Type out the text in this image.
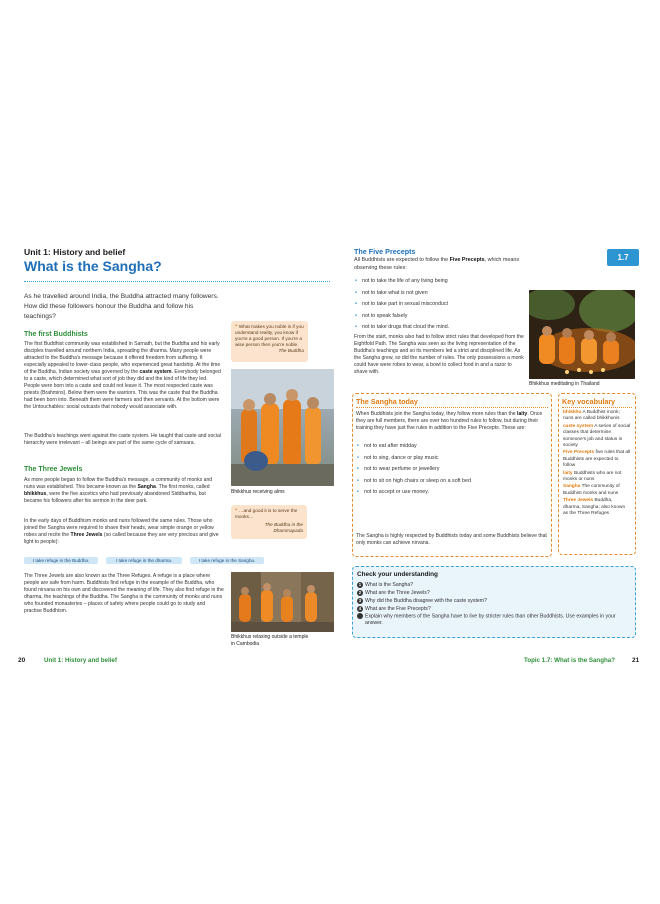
Unit 1: History and belief
What is the Sangha?
As he travelled around India, the Buddha attracted many followers. How did these followers honour the Buddha and follow his teachings?
The first Buddhists
The first Buddhist community was established in Sarnath, but the Buddha and his early disciples travelled around northern India, spreading the dharma. Many people were attracted to the Buddha's message because it offered freedom from suffering. It especially appealed to lower-class people, who experienced great hardship. At the time of the Buddha, Indian society was governed by the caste system. Everybody belonged to a caste, which determined what sort of job they did and the kind of life they led. People were born into a caste and could not leave it. The most respected caste was priests (Brahmins). Below them were the warriors. This was the caste that the Buddha had been born into. Beneath them were farmers and then servants. At the bottom were the Untouchables: social outcasts that nobody would associate with.
The Buddha's teachings went against the caste system. He taught that caste and social hierarchy were irrelevant – all beings are part of the same cycle of samsara.
The Three Jewels
As more people began to follow the Buddha's message, a community of monks and nuns was established. This became known as the Sangha. The first monks, called bhikkhus, were the five ascetics who had previously abandoned Siddhartha, but became his followers after his sermon in the deer park.
In the early days of Buddhism monks and nuns followed the same rules. Those who joined the Sangha were required to shave their heads, wear simple orange or yellow robes and recite the Three Jewels (so called because they are very precious and give light to people):
I take refuge in the Buddha.	I take refuge in the dharma.	I take refuge in the Sangha.
The Three Jewels are also known as the Three Refuges. A refuge is a place where people are safe from harm. Buddhists find refuge in the example of the Buddha, who found nirvana on his own and discovered the meaning of life. They also find refuge in the dharma, the teachings of the Buddha. The Sangha is the community of monks and nuns who founded monasteries – places of safety where people could go to study and practise Buddhism.
❝ What makes you noble is if you understand reality, you know if you're a good person. If you're a wise person then you're noble.
The Buddha
Bhikkhus receiving alms
❝ …and good it is to serve the monks…
The Buddha in the Dhammapada
Bhikkhus relaxing outside a temple in Cambodia
20	Unit 1: History and belief
The Five Precepts
All Buddhists are expected to follow the Five Precepts, which means observing these rules:
• not to take the life of any living being
• not to take what is not given
• not to take part in sexual misconduct
• not to speak falsely
• not to take drugs that cloud the mind.
From the start, monks also had to follow strict rules that developed from the Eightfold Path. The Sangha was seen as the living representation of the Buddha's teachings and so its members led a strict and disciplined life. As the Sangha grew, so did the number of rules. The only possessions a monk could have were robes to wear, a bowl to collect food in and a razor to shave with.
1.7
Bhikkhus meditating in Thailand
The Sangha today
When Buddhists join the Sangha today, they follow more rules than the laity. Once they are full members, there are over two hundred rules to follow, but during their training they have just five rules in addition to the Five Precepts. These are:
• not to eat after midday
• not to sing, dance or play music
• not to wear perfume or jewellery
• not to sit on high chairs or sleep on a soft bed
• not to accept or use money.
The Sangha is highly respected by Buddhists today and some Buddhists believe that only monks can achieve nirvana.
Key vocabulary
bhikkhu A Buddhist monk; nuns are called bhikkhunis
caste system A series of social classes that determine someone's job and status in society
Five Precepts five rules that all Buddhists are expected to follow
laity Buddhists who are not monks or nuns
Sangha The community of Buddhist monks and nuns
Three Jewels Buddha, dharma, Sangha; also known as the Three Refuges
Check your understanding
1 What is the Sangha?
2 What are the Three Jewels?
3 Why did the Buddha disagree with the caste system?
4 What are the Five Precepts?
5 Explain why members of the Sangha have to live by stricter rules than other Buddhists. Use examples in your answer.
Topic 1.7: What is the Sangha?	21
